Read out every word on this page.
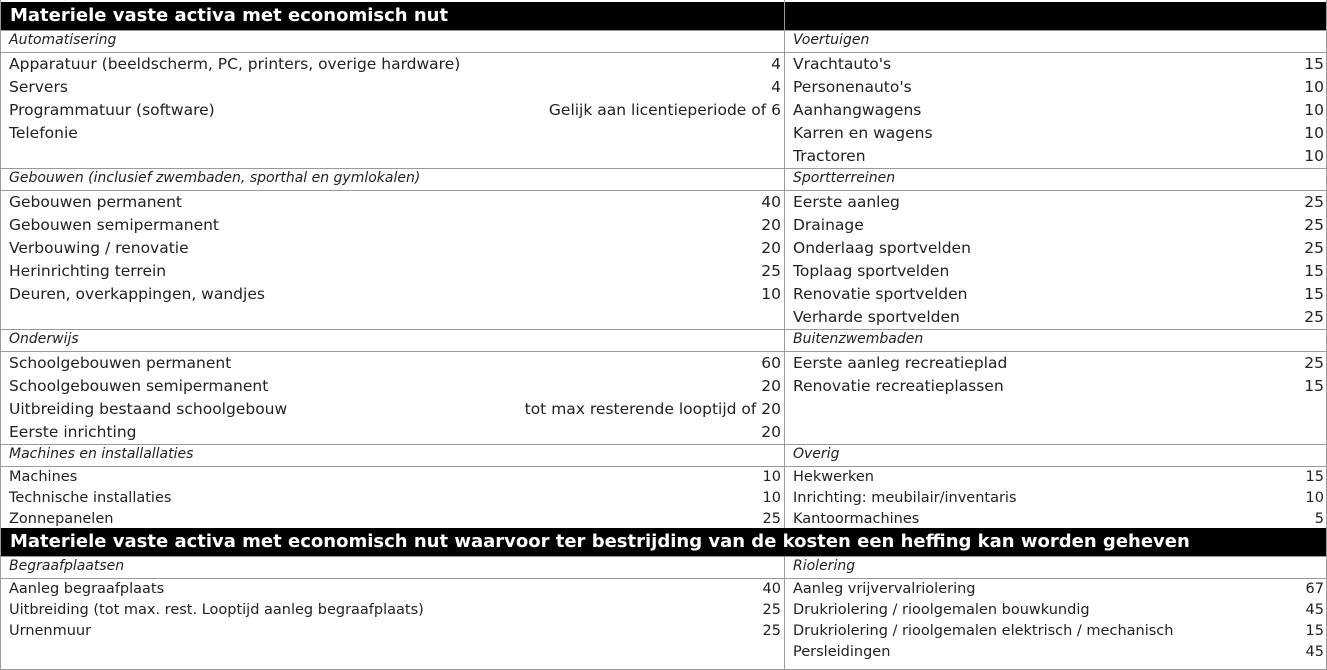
Materiele vaste activa met economisch nut
Materiele vaste activa met economisch nut waarvoor ter bestrijding van de kosten een heffing kan worden geheven
Automatisering
Apparatuur (beeldscherm, PC, printers, overige hardware)	4
Servers	4
Programmatuur (software)	Gelijk aan licentieperiode of 6
Telefonie
Voertuigen
Vrachtauto's	15
Personenauto's	10
Aanhangwagens	10
Karren en wagens	10
Tractoren	10
Gebouwen (inclusief zwembaden, sporthal en gymlokalen)
Gebouwen permanent	40
Gebouwen semipermanent	20
Verbouwing / renovatie	20
Herinrichting terrein	25
Deuren, overkappingen, wandjes	10
Sportterreinen
Eerste aanleg	25
Drainage	25
Onderlaag sportvelden	25
Toplaag sportvelden	15
Renovatie sportvelden	15
Verharde sportvelden	25
Onderwijs
Schoolgebouwen permanent	60
Schoolgebouwen semipermanent	20
Uitbreiding bestaand schoolgebouw	tot max resterende looptijd of 20
Eerste inrichting	20
Buitenzwembaden
Eerste aanleg recreatieplad	25
Renovatie recreatieplassen	15
Machines en installallaties
Machines	10
Technische installaties	10
Zonnepanelen	25
Overig
Hekwerken	15
Inrichting: meubilair/inventaris	10
Kantoormachines	5
Begraafplaatsen
Aanleg begraafplaats	40
Uitbreiding (tot max. rest. Looptijd aanleg begraafplaats)	25
Urnenmuur	25
Riolering
Aanleg vrijvervalriolering	67
Drukriolering / rioolgemalen bouwkundig	45
Drukriolering / rioolgemalen elektrisch / mechanisch	15
Persleidingen	45
